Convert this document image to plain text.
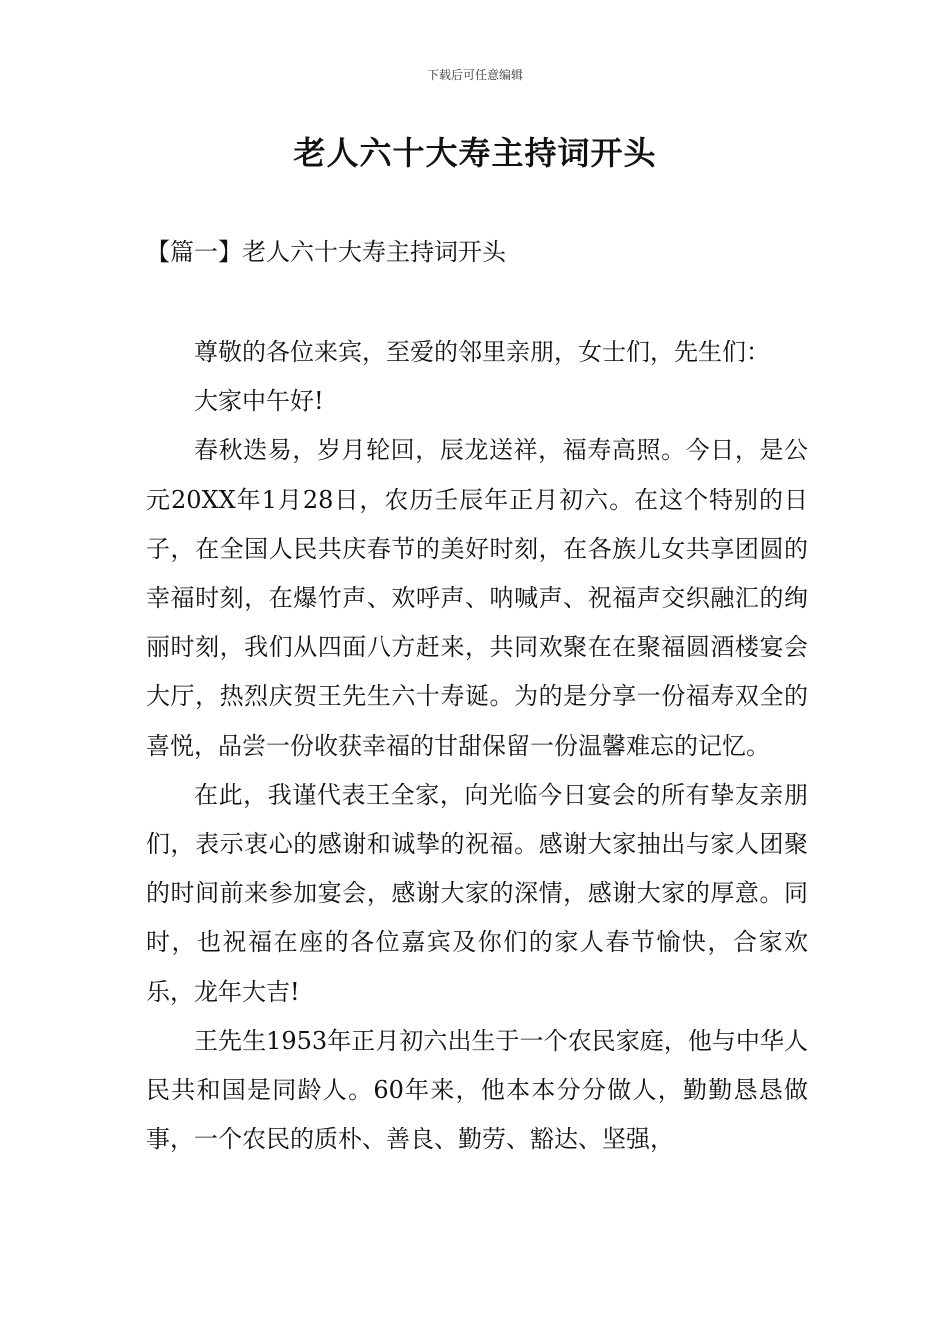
下载后可任意编辑
老人六十大寿主持词开头
【篇一】老人六十大寿主持词开头

尊敬的各位来宾，至爱的邻里亲朋，女士们，先生们：

大家中午好!

春秋迭易，岁月轮回，辰龙送祥，福寿高照。今日，是公元20XX年1月28日，农历壬辰年正月初六。在这个特别的日子，在全国人民共庆春节的美好时刻，在各族儿女共享团圆的幸福时刻，在爆竹声、欢呼声、呐喊声、祝福声交织融汇的绚丽时刻，我们从四面八方赶来，共同欢聚在在聚福圆酒楼宴会大厅，热烈庆贺王先生六十寿诞。为的是分享一份福寿双全的喜悦，品尝一份收获幸福的甘甜保留一份温馨难忘的记忆。

在此，我谨代表王全家，向光临今日宴会的所有挚友亲朋们，表示衷心的感谢和诚挚的祝福。感谢大家抽出与家人团聚的时间前来参加宴会，感谢大家的深情，感谢大家的厚意。同时，也祝福在座的各位嘉宾及你们的家人春节愉快，合家欢乐，龙年大吉!

王先生1953年正月初六出生于一个农民家庭，他与中华人民共和国是同龄人。60年来，他本本分分做人，勤勤恳恳做事，一个农民的质朴、善良、勤劳、豁达、坚强，
